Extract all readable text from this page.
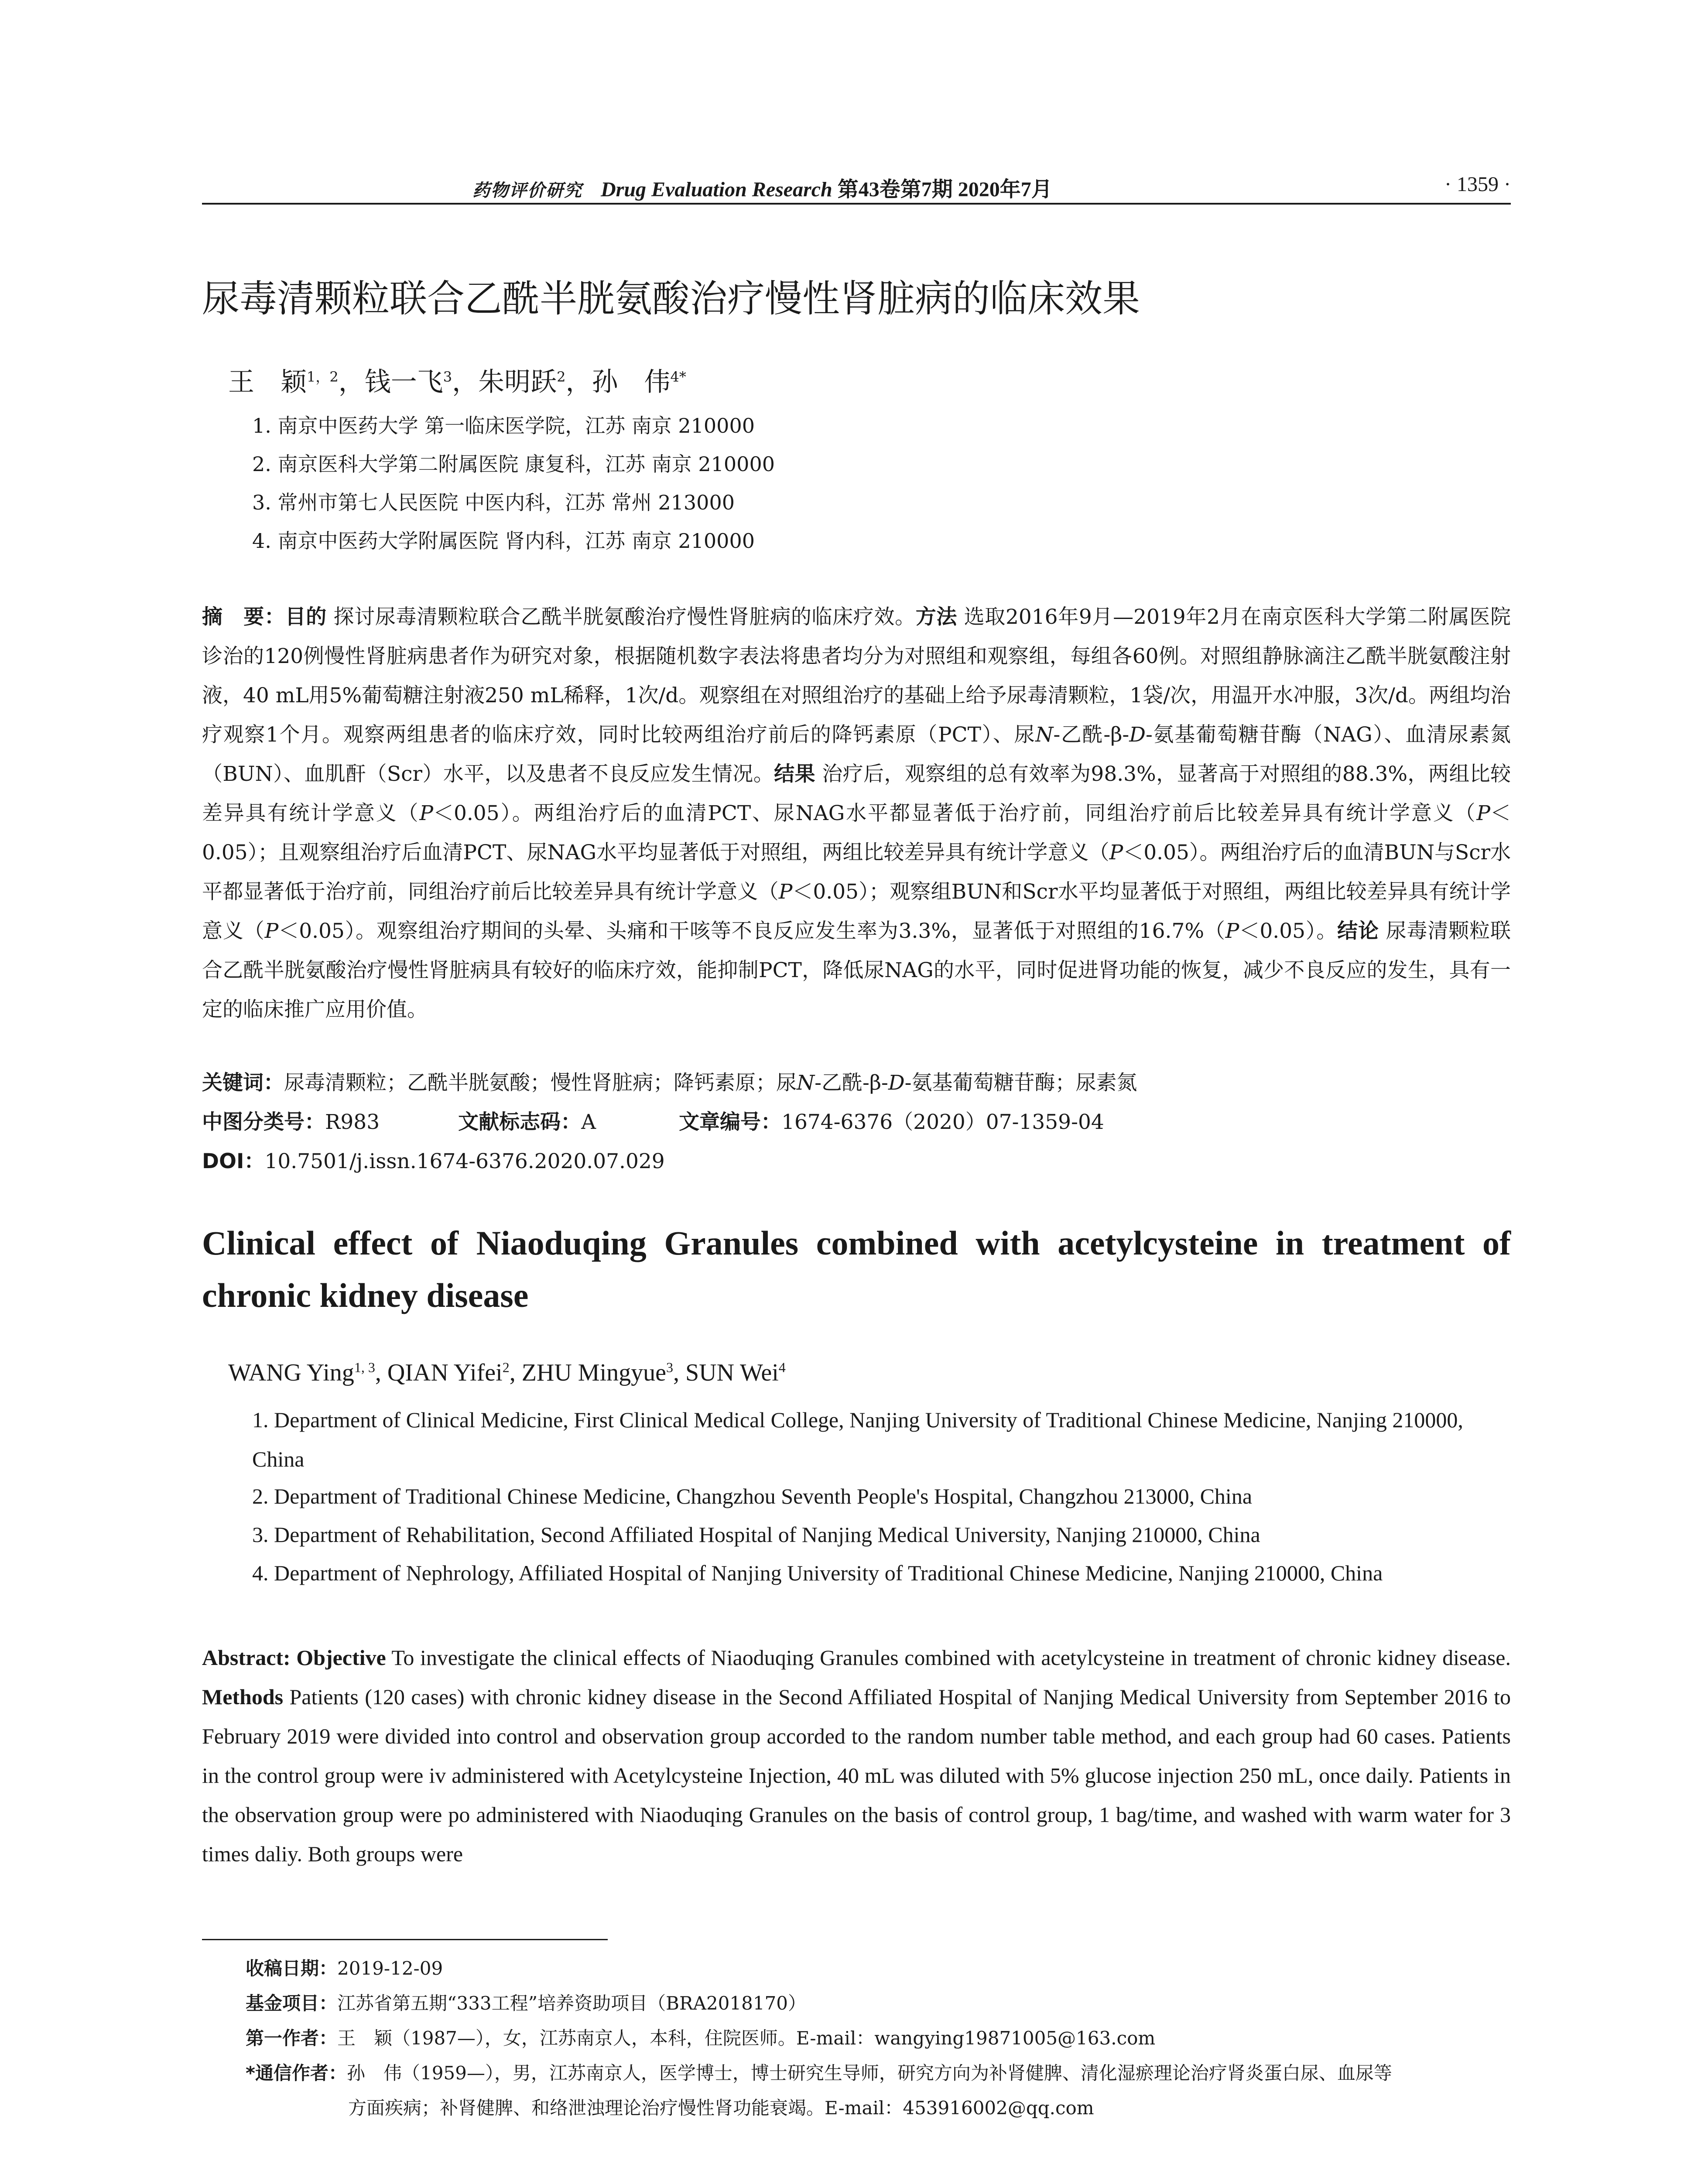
药物评价研究 Drug Evaluation Research 第43卷第7期 2020年7月	· 1359 ·
尿毒清颗粒联合乙酰半胱氨酸治疗慢性肾脏病的临床效果
王　颖$^{1,2}$，钱一飞$^3$，朱明跃$^2$，孙　伟$^{4*}$
1. 南京中医药大学 第一临床医学院，江苏 南京 210000
2. 南京医科大学第二附属医院 康复科，江苏 南京 210000
3. 常州市第七人民医院 中医内科，江苏 常州 213000
4. 南京中医药大学附属医院 肾内科，江苏 南京 210000
摘　要：目的 探讨尿毒清颗粒联合乙酰半胱氨酸治疗慢性肾脏病的临床疗效。方法 选取2016年9月—2019年2月在南京医科大学第二附属医院诊治的120例慢性肾脏病患者作为研究对象，根据随机数字表法将患者均分为对照组和观察组，每组各60例。对照组静脉滴注乙酰半胱氨酸注射液，40 mL用5%葡萄糖注射液250 mL稀释，1次/d。观察组在对照组治疗的基础上给予尿毒清颗粒，1袋/次，用温开水冲服，3次/d。两组均治疗观察1个月。观察两组患者的临床疗效，同时比较两组治疗前后的降钙素原（PCT）、尿N-乙酰-β-D-氨基葡萄糖苷酶（NAG）、血清尿素氮（BUN）、血肌酐（Scr）水平，以及患者不良反应发生情况。结果 治疗后，观察组的总有效率为98.3%，显著高于对照组的88.3%，两组比较差异具有统计学意义（P＜0.05）。两组治疗后的血清PCT、尿NAG水平都显著低于治疗前，同组治疗前后比较差异具有统计学意义（P＜0.05）；且观察组治疗后血清PCT、尿NAG水平均显著低于对照组，两组比较差异具有统计学意义（P＜0.05）。两组治疗后的血清BUN与Scr水平都显著低于治疗前，同组治疗前后比较差异具有统计学意义（P＜0.05）；观察组BUN和Scr水平均显著低于对照组，两组比较差异具有统计学意义（P＜0.05）。观察组治疗期间的头晕、头痛和干咳等不良反应发生率为3.3%，显著低于对照组的16.7%（P＜0.05）。结论 尿毒清颗粒联合乙酰半胱氨酸治疗慢性肾脏病具有较好的临床疗效，能抑制PCT，降低尿NAG的水平，同时促进肾功能的恢复，减少不良反应的发生，具有一定的临床推广应用价值。
关键词：尿毒清颗粒；乙酰半胱氨酸；慢性肾脏病；降钙素原；尿N-乙酰-β-D-氨基葡萄糖苷酶；尿素氮
中图分类号：R983	文献标志码：A	文章编号：1674-6376（2020）07-1359-04
DOI：10.7501/j.issn.1674-6376.2020.07.029
Clinical effect of Niaoduqing Granules combined with acetylcysteine in treatment of chronic kidney disease
WANG Ying$^{1, 3}$, QIAN Yifei$^2$, ZHU Mingyue$^3$, SUN Wei$^4$
1. Department of Clinical Medicine, First Clinical Medical College, Nanjing University of Traditional Chinese Medicine, Nanjing 210000, China
2. Department of Traditional Chinese Medicine, Changzhou Seventh People's Hospital, Changzhou 213000, China
3. Department of Rehabilitation, Second Affiliated Hospital of Nanjing Medical University, Nanjing 210000, China
4. Department of Nephrology, Affiliated Hospital of Nanjing University of Traditional Chinese Medicine, Nanjing 210000, China
Abstract: Objective To investigate the clinical effects of Niaoduqing Granules combined with acetylcysteine in treatment of chronic kidney disease. Methods Patients (120 cases) with chronic kidney disease in the Second Affiliated Hospital of Nanjing Medical University from September 2016 to February 2019 were divided into control and observation group accorded to the random number table method, and each group had 60 cases. Patients in the control group were iv administered with Acetylcysteine Injection, 40 mL was diluted with 5% glucose injection 250 mL, once daily. Patients in the observation group were po administered with Niaoduqing Granules on the basis of control group, 1 bag/time, and washed with warm water for 3 times daliy. Both groups were
收稿日期：2019-12-09
基金项目：江苏省第五期“333工程”培养资助项目（BRA2018170）
第一作者：王　颖（1987—），女，江苏南京人，本科，住院医师。E-mail：wangying19871005@163.com
*通信作者：孙　伟（1959—），男，江苏南京人，医学博士，博士研究生导师，研究方向为补肾健脾、清化湿瘀理论治疗肾炎蛋白尿、血尿等
方面疾病；补肾健脾、和络泄浊理论治疗慢性肾功能衰竭。E-mail：453916002@qq.com
